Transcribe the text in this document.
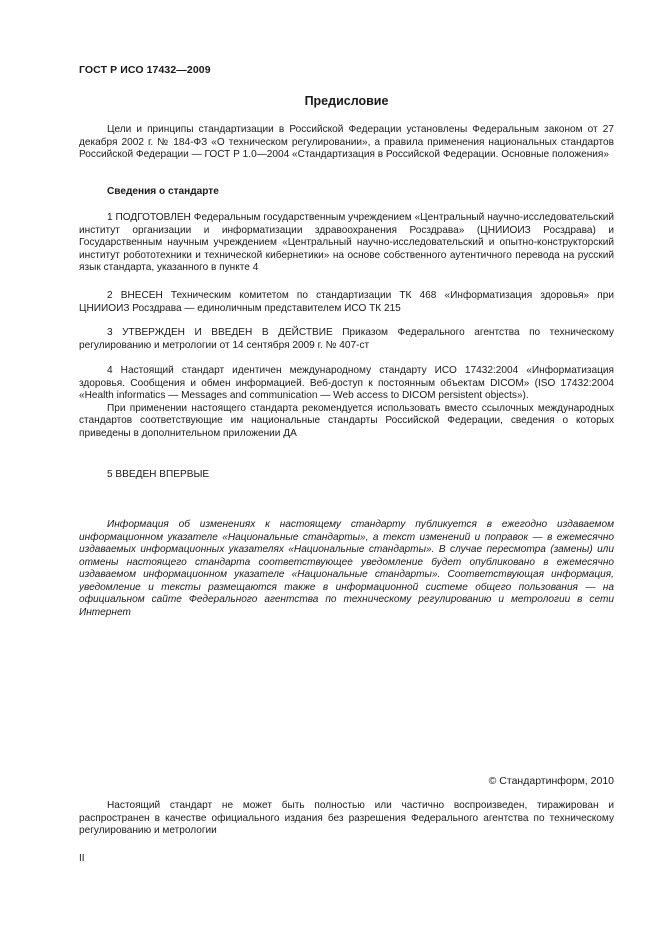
ГОСТ Р ИСО 17432—2009
Предисловие

Цели и принципы стандартизации в Российской Федерации установлены Федеральным законом от 27 декабря 2002 г. № 184-ФЗ «О техническом регулировании», а правила применения национальных стандартов Российской Федерации — ГОСТ Р 1.0—2004 «Стандартизация в Российской Федерации. Основные положения»

Сведения о стандарте

1 ПОДГОТОВЛЕН Федеральным государственным учреждением «Центральный научно-исследовательский институт организации и информатизации здравоохранения Росздрава» (ЦНИИОИЗ Росздрава) и Государственным научным учреждением «Центральный научно-исследовательский и опытно-конструкторский институт робототехники и технической кибернетики» на основе собственного аутентичного перевода на русский язык стандарта, указанного в пункте 4

2 ВНЕСЕН Техническим комитетом по стандартизации ТК 468 «Информатизация здоровья» при ЦНИИОИЗ Росздрава — единоличным представителем ИСО ТК 215

3 УТВЕРЖДЕН И ВВЕДЕН В ДЕЙСТВИЕ Приказом Федерального агентства по техническому регулированию и метрологии от 14 сентября 2009 г. № 407-ст

4 Настоящий стандарт идентичен международному стандарту ИСО 17432:2004 «Информатизация здоровья. Сообщения и обмен информацией. Веб-доступ к постоянным объектам DICOM» (ISO 17432:2004 «Health informatics — Messages and communication — Web access to DICOM persistent objects»).

При применении настоящего стандарта рекомендуется использовать вместо ссылочных международных стандартов соответствующие им национальные стандарты Российской Федерации, сведения о которых приведены в дополнительном приложении ДА

5 ВВЕДЕН ВПЕРВЫЕ

Информация об изменениях к настоящему стандарту публикуется в ежегодно издаваемом информационном указателе «Национальные стандарты», а текст изменений и поправок — в ежемесячно издаваемых информационных указателях «Национальные стандарты». В случае пересмотра (замены) или отмены настоящего стандарта соответствующее уведомление будет опубликовано в ежемесячно издаваемом информационном указателе «Национальные стандарты». Соответствующая информация, уведомление и тексты размещаются также в информационной системе общего пользования — на официальном сайте Федерального агентства по техническому регулированию и метрологии в сети Интернет

© Стандартинформ, 2010

Настоящий стандарт не может быть полностью или частично воспроизведен, тиражирован и распространен в качестве официального издания без разрешения Федерального агентства по техническому регулированию и метрологии

II
